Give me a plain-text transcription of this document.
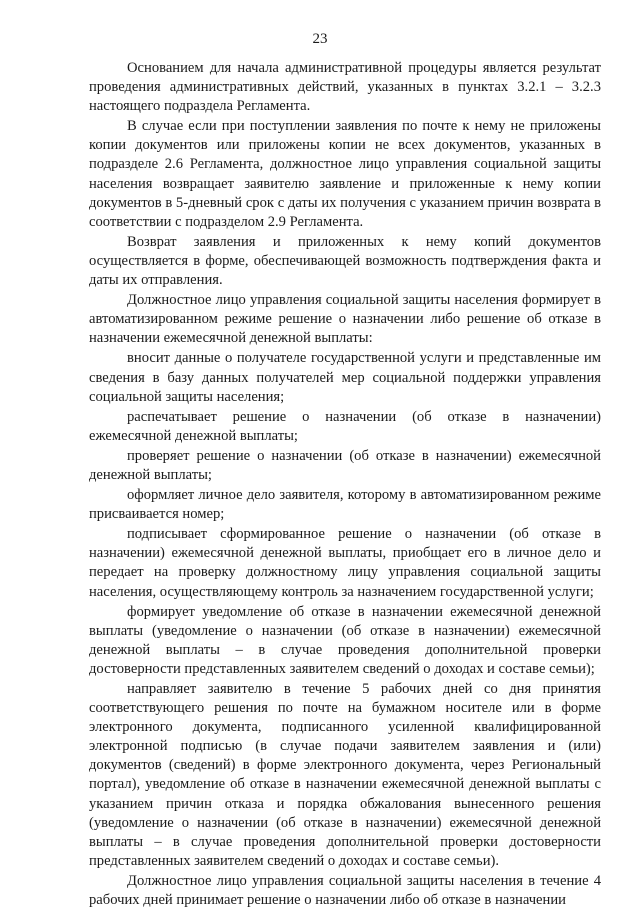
23

Основанием для начала административной процедуры является результат проведения административных действий, указанных в пунктах 3.2.1 – 3.2.3 настоящего подраздела Регламента.

В случае если при поступлении заявления по почте к нему не приложены копии документов или приложены копии не всех документов, указанных в подразделе 2.6 Регламента, должностное лицо управления социальной защиты населения возвращает заявителю заявление и приложенные к нему копии документов в 5-дневный срок с даты их получения с указанием причин возврата в соответствии с подразделом 2.9 Регламента.

Возврат заявления и приложенных к нему копий документов осуществляется в форме, обеспечивающей возможность подтверждения факта и даты их отправления.

Должностное лицо управления социальной защиты населения формирует в автоматизированном режиме решение о назначении либо решение об отказе в назначении ежемесячной денежной выплаты:

вносит данные о получателе государственной услуги и представленные им сведения в базу данных получателей мер социальной поддержки управления социальной защиты населения;

распечатывает решение о назначении (об отказе в назначении) ежемесячной денежной выплаты;

проверяет решение о назначении (об отказе в назначении) ежемесячной денежной выплаты;

оформляет личное дело заявителя, которому в автоматизированном режиме присваивается номер;

подписывает сформированное решение о назначении (об отказе в назначении) ежемесячной денежной выплаты, приобщает его в личное дело и передает на проверку должностному лицу управления социальной защиты населения, осуществляющему контроль за назначением государственной услуги;

формирует уведомление об отказе в назначении ежемесячной денежной выплаты (уведомление о назначении (об отказе в назначении) ежемесячной денежной выплаты – в случае проведения дополнительной проверки достоверности представленных заявителем сведений о доходах и составе семьи);

направляет заявителю в течение 5 рабочих дней со дня принятия соответствующего решения по почте на бумажном носителе или в форме электронного документа, подписанного усиленной квалифицированной электронной подписью (в случае подачи заявителем заявления и (или) документов (сведений) в форме электронного документа, через Региональный портал), уведомление об отказе в назначении ежемесячной денежной выплаты с указанием причин отказа и порядка обжалования вынесенного решения (уведомление о назначении (об отказе в назначении) ежемесячной денежной выплаты – в случае проведения дополнительной проверки достоверности представленных заявителем сведений о доходах и составе семьи).

Должностное лицо управления социальной защиты населения в течение 4 рабочих дней принимает решение о назначении либо об отказе в назначении
